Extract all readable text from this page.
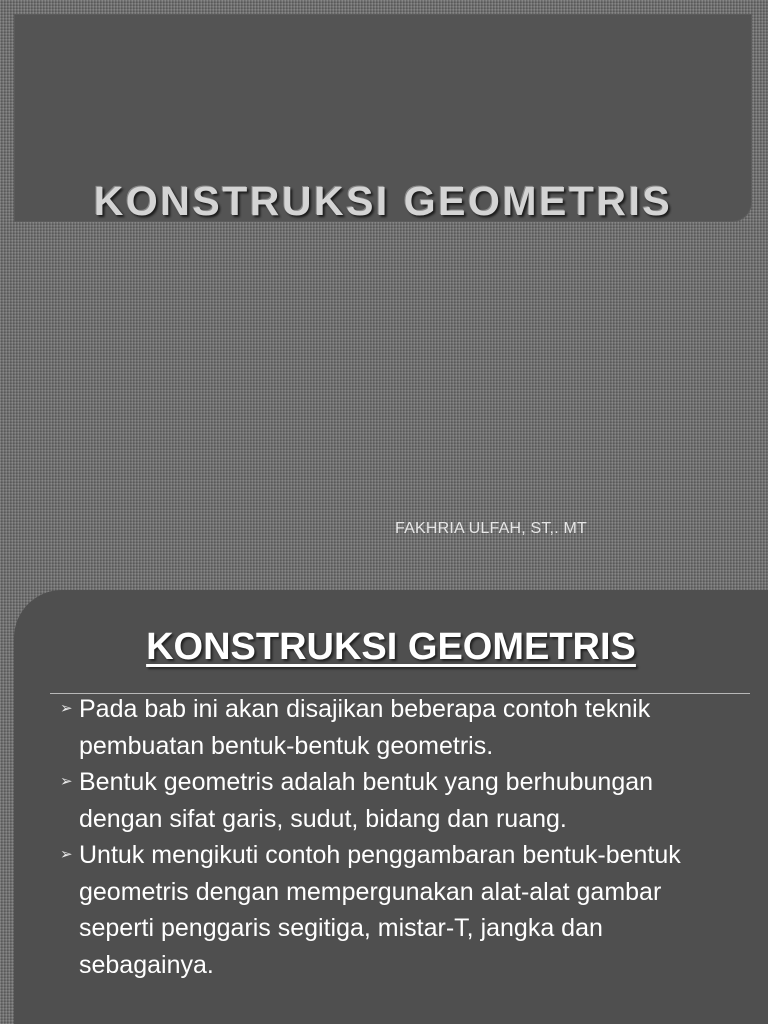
KONSTRUKSI GEOMETRIS
FAKHRIA ULFAH, ST,. MT
KONSTRUKSI GEOMETRIS
➢ Pada bab ini akan disajikan beberapa contoh teknik pembuatan bentuk-bentuk geometris.
➢ Bentuk geometris adalah bentuk yang berhubungan dengan sifat garis, sudut, bidang dan ruang.
➢ Untuk mengikuti contoh penggambaran bentuk-bentuk geometris dengan mempergunakan alat-alat gambar seperti penggaris segitiga, mistar-T, jangka dan sebagainya.
